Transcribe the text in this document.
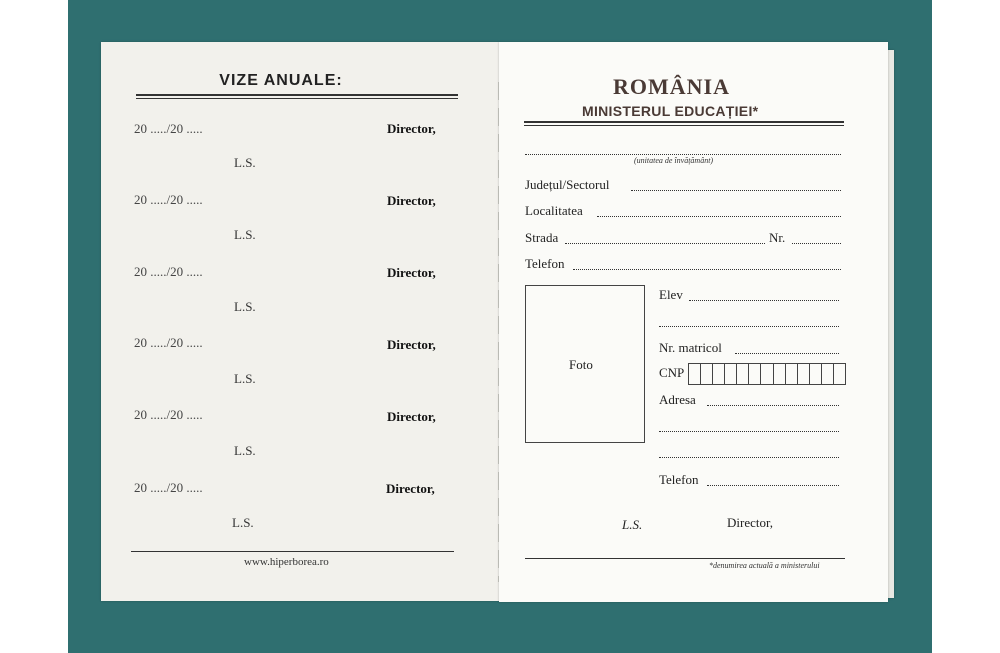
VIZE ANUALE:
20 ...../20 .....	Director,
L.S.
20 ...../20 .....	Director,
L.S.
20 ...../20 .....	Director,
L.S.
20 ...../20 .....	Director,
L.S.
20 ...../20 .....	Director,
L.S.
20 ...../20 .....	Director,
L.S.
www.hiperborea.ro
ROMÂNIA
MINISTERUL EDUCAȚIEI*
(unitatea de învățământ)
Județul/Sectorul
Localitatea
Strada	Nr.
Telefon
Foto
Elev
Nr. matricol
CNP
Adresa
Telefon
L.S.	Director,
*denumirea actuală a ministerului
